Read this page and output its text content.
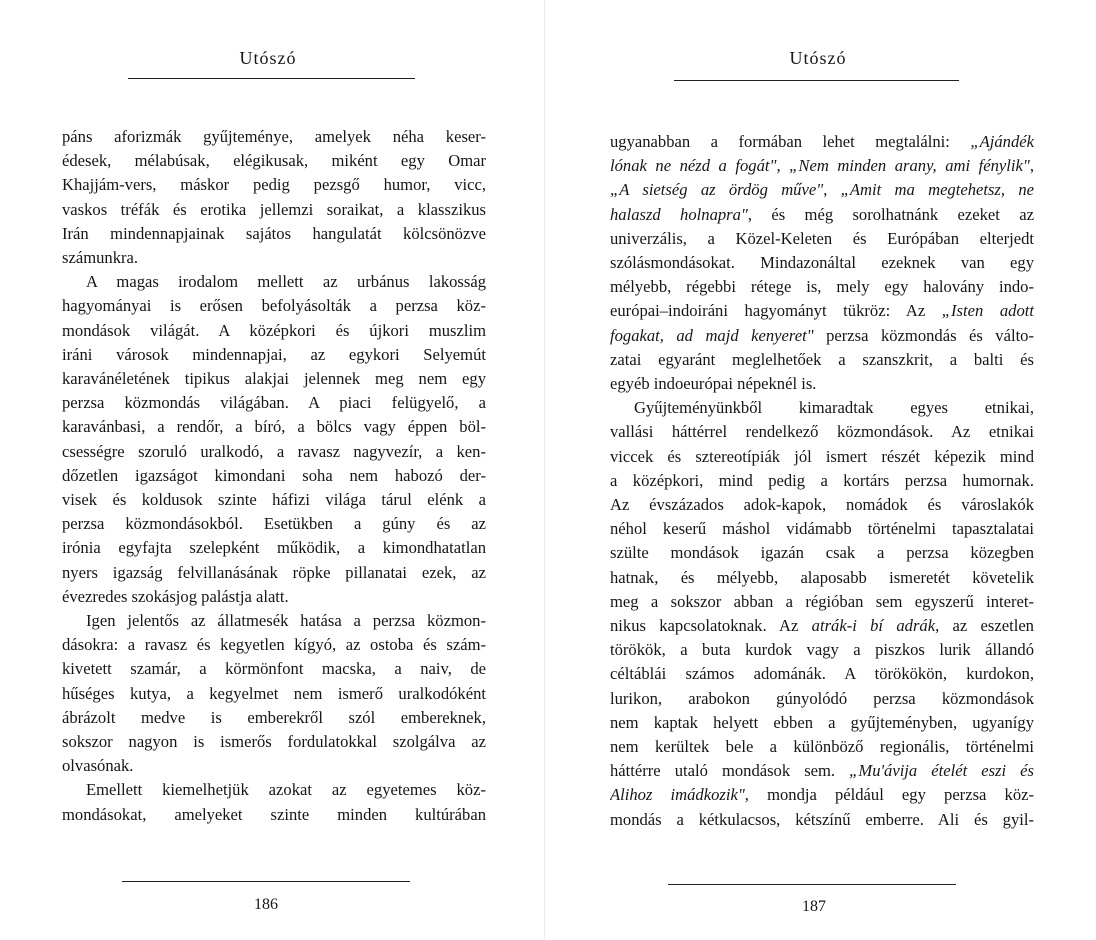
Utószó

páns aforizmák gyűjteménye, amelyek néha keser-
édesek, mélabúsak, elégikusak, miként egy Omar
Khajjám-vers, máskor pedig pezsgő humor, vicc,
vaskos tréfák és erotika jellemzi soraikat, a klasszikus
Irán mindennapjainak sajátos hangulatát kölcsönözve
számunkra.

A magas irodalom mellett az urbánus lakosság
hagyományai is erősen befolyásolták a perzsa köz-
mondások világát. A középkori és újkori muszlim
iráni városok mindennapjai, az egykori Selyemút
karavánéletének tipikus alakjai jelennek meg nem egy
perzsa közmondás világában. A piaci felügyelő, a
karavánbasi, a rendőr, a bíró, a bölcs vagy éppen böl-
csességre szoruló uralkodó, a ravasz nagyvezír, a ken-
dőzetlen igazságot kimondani soha nem habozó der-
visek és koldusok szinte háfizi világa tárul elénk a
perzsa közmondásokból. Esetükben a gúny és az
irónia egyfajta szelepként működik, a kimondhatatlan
nyers igazság felvillanásának röpke pillanatai ezek, az
évezredes szokásjog palástja alatt.

Igen jelentős az állatmesék hatása a perzsa közmon-
dásokra: a ravasz és kegyetlen kígyó, az ostoba és szám-
kivetett szamár, a körmönfont macska, a naiv, de
hűséges kutya, a kegyelmet nem ismerő uralkodóként
ábrázolt medve is emberekről szól embereknek,
sokszor nagyon is ismerős fordulatokkal szolgálva az
olvasónak.

Emellett kiemelhetjük azokat az egyetemes köz-
mondásokat, amelyeket szinte minden kultúrában

186
Utószó

ugyanabban a formában lehet megtalálni: „Ajándék
lónak ne nézd a fogát", „Nem minden arany, ami fénylik",
„A sietség az ördög műve", „Amit ma megtehetsz, ne
halaszd holnapra", és még sorolhatnánk ezeket az
univerzális, a Közel-Keleten és Európában elterjedt
szólásmondásokat. Mindazonáltal ezeknek van egy
mélyebb, régebbi rétege is, mely egy halovány indo-
európai–indoiráni hagyományt tükröz: Az „Isten adott
fogakat, ad majd kenyeret" perzsa közmondás és válto-
zatai egyaránt meglelhetőek a szanszkrit, a balti és
egyéb indoeurópai népeknél is.

Gyűjteményünkből kimaradtak egyes etnikai,
vallási háttérrel rendelkező közmondások. Az etnikai
viccek és sztereotípiák jól ismert részét képezik mind
a középkori, mind pedig a kortárs perzsa humornak.
Az évszázados adok-kapok, nomádok és városlakók
néhol keserű máshol vidámabb történelmi tapasztalatai
szülte mondások igazán csak a perzsa közegben
hatnak, és mélyebb, alaposabb ismeretét követelik
meg a sokszor abban a régióban sem egyszerű interet-
nikus kapcsolatoknak. Az atrák-i bí adrák, az eszetlen
törökök, a buta kurdok vagy a piszkos lurik állandó
céltáblái számos adománák. A törökökön, kurdokon,
lurikon, arabokon gúnyolódó perzsa közmondások
nem kaptak helyett ebben a gyűjteményben, ugyanígy
nem kerültek bele a különböző regionális, történelmi
háttérre utaló mondások sem. „Mu'ávija ételét eszi és
Alihoz imádkozik", mondja például egy perzsa köz-
mondás a kétkulacsos, kétszínű emberre. Ali és gyil-

187
